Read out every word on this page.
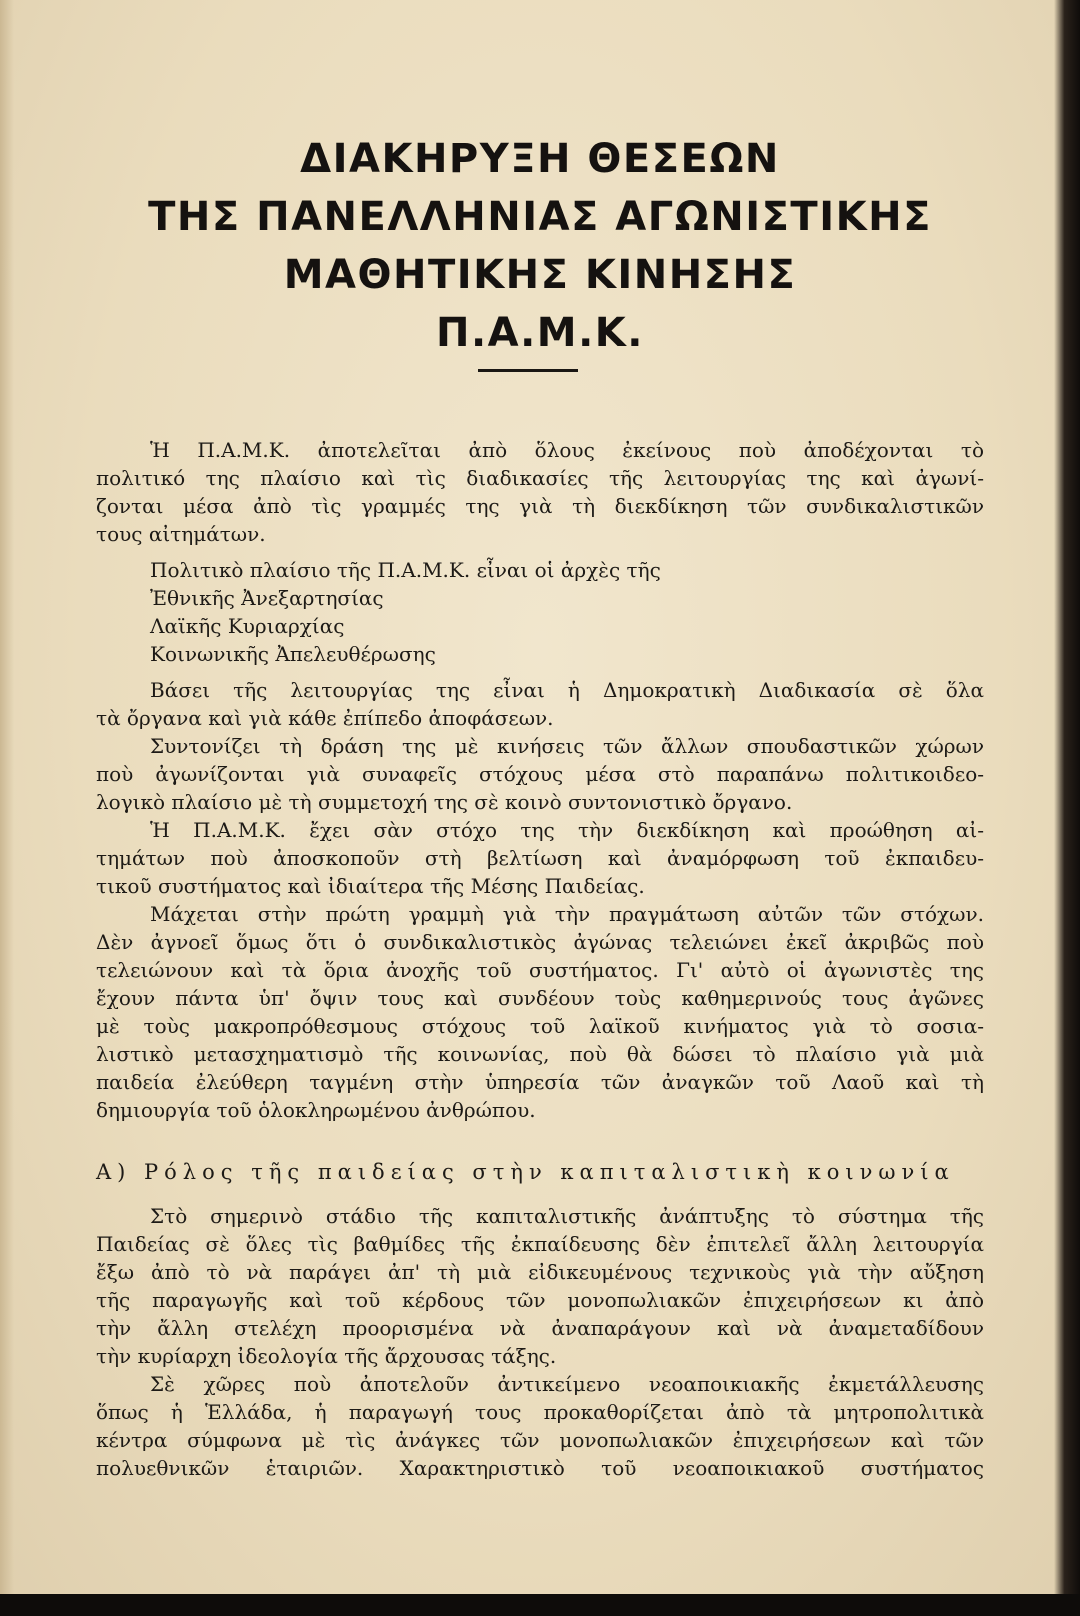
ΔΙΑΚΗΡΥΞΗ ΘΕΣΕΩΝ
ΤΗΣ ΠΑΝΕΛΛΗΝΙΑΣ ΑΓΩΝΙΣΤΙΚΗΣ
ΜΑΘΗΤΙΚΗΣ ΚΙΝΗΣΗΣ
Π.Α.Μ.Κ.

Ἡ Π.Α.Μ.Κ. ἀποτελεῖται ἀπὸ ὅλους ἐκείνους ποὺ ἀποδέχονται τὸ
πολιτικό της πλαίσιο καὶ τὶς διαδικασίες τῆς λειτουργίας της καὶ ἀγωνί-
ζονται μέσα ἀπὸ τὶς γραμμές της γιὰ τὴ διεκδίκηση τῶν συνδικαλιστικῶν
τους αἰτημάτων.

Πολιτικὸ πλαίσιο τῆς Π.Α.Μ.Κ. εἶναι οἱ ἀρχὲς τῆς
Ἐθνικῆς Ἀνεξαρτησίας
Λαϊκῆς Κυριαρχίας
Κοινωνικῆς Ἀπελευθέρωσης

Βάσει τῆς λειτουργίας της εἶναι ἡ Δημοκρατικὴ Διαδικασία σὲ ὅλα
τὰ ὄργανα καὶ γιὰ κάθε ἐπίπεδο ἀποφάσεων.

Συντονίζει τὴ δράση της μὲ κινήσεις τῶν ἄλλων σπουδαστικῶν χώρων
ποὺ ἀγωνίζονται γιὰ συναφεῖς στόχους μέσα στὸ παραπάνω πολιτικοιδεο-
λογικὸ πλαίσιο μὲ τὴ συμμετοχή της σὲ κοινὸ συντονιστικὸ ὄργανο.

Ἡ Π.Α.Μ.Κ. ἔχει σὰν στόχο της τὴν διεκδίκηση καὶ προώθηση αἰ-
τημάτων ποὺ ἀποσκοποῦν στὴ βελτίωση καὶ ἀναμόρφωση τοῦ ἐκπαιδευ-
τικοῦ συστήματος καὶ ἰδιαίτερα τῆς Μέσης Παιδείας.

Μάχεται στὴν πρώτη γραμμὴ γιὰ τὴν πραγμάτωση αὐτῶν τῶν στόχων.
Δὲν ἀγνοεῖ ὅμως ὅτι ὁ συνδικαλιστικὸς ἀγώνας τελειώνει ἐκεῖ ἀκριβῶς ποὺ
τελειώνουν καὶ τὰ ὅρια ἀνοχῆς τοῦ συστήματος. Γι' αὐτὸ οἱ ἀγωνιστὲς της
ἔχουν πάντα ὑπ' ὄψιν τους καὶ συνδέουν τοὺς καθημερινούς τους ἀγῶνες
μὲ τοὺς μακροπρόθεσμους στόχους τοῦ λαϊκοῦ κινήματος γιὰ τὸ σοσια-
λιστικὸ μετασχηματισμὸ τῆς κοινωνίας, ποὺ θὰ δώσει τὸ πλαίσιο γιὰ μιὰ
παιδεία ἐλεύθερη ταγμένη στὴν ὑπηρεσία τῶν ἀναγκῶν τοῦ Λαοῦ καὶ τὴ
δημιουργία τοῦ ὁλοκληρωμένου ἀνθρώπου.

Α) Ρόλος τῆς παιδείας στὴν καπιταλιστικὴ κοινωνία

Στὸ σημερινὸ στάδιο τῆς καπιταλιστικῆς ἀνάπτυξης τὸ σύστημα τῆς
Παιδείας σὲ ὅλες τὶς βαθμίδες τῆς ἐκπαίδευσης δὲν ἐπιτελεῖ ἄλλη λειτουργία
ἔξω ἀπὸ τὸ νὰ παράγει ἀπ' τὴ μιὰ εἰδικευμένους τεχνικοὺς γιὰ τὴν αὔξηση
τῆς παραγωγῆς καὶ τοῦ κέρδους τῶν μονοπωλιακῶν ἐπιχειρήσεων κι ἀπὸ
τὴν ἄλλη στελέχη προορισμένα νὰ ἀναπαράγουν καὶ νὰ ἀναμεταδίδουν
τὴν κυρίαρχη ἰδεολογία τῆς ἄρχουσας τάξης.

Σὲ χῶρες ποὺ ἀποτελοῦν ἀντικείμενο νεοαποικιακῆς ἐκμετάλλευσης
ὅπως ἡ Ἑλλάδα, ἡ παραγωγή τους προκαθορίζεται ἀπὸ τὰ μητροπολιτικὰ
κέντρα σύμφωνα μὲ τὶς ἀνάγκες τῶν μονοπωλιακῶν ἐπιχειρήσεων καὶ τῶν
πολυεθνικῶν ἑταιριῶν. Χαρακτηριστικὸ τοῦ νεοαποικιακοῦ συστήματος
